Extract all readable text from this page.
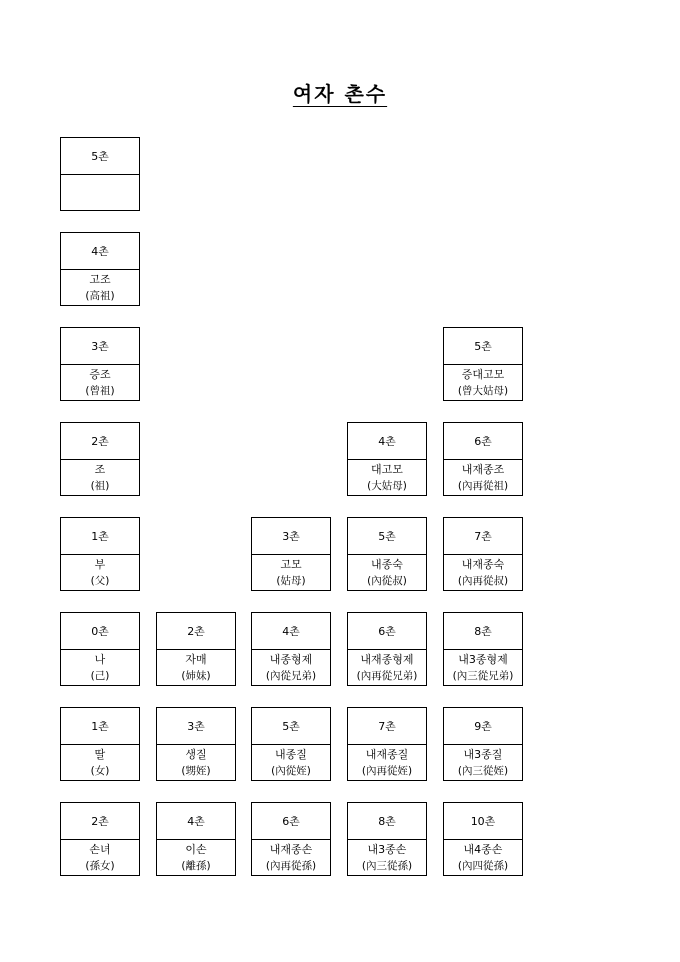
여자 촌수
5촌
4촌
고조
(高祖)
3촌
증조
(曾祖)
5촌
증대고모
(曾大姑母)
2촌
조
(祖)
4촌
대고모
(大姑母)
6촌
내재종조
(內再從祖)
1촌
부
(父)
3촌
고모
(姑母)
5촌
내종숙
(內從叔)
7촌
내재종숙
(內再從叔)
0촌
나
(己)
2촌
자매
(姉妹)
4촌
내종형제
(內從兄弟)
6촌
내재종형제
(內再從兄弟)
8촌
내3종형제
(內三從兄弟)
1촌
딸
(女)
3촌
생질
(甥姪)
5촌
내종질
(內從姪)
7촌
내재종질
(內再從姪)
9촌
내3종질
(內三從姪)
2촌
손녀
(孫女)
4촌
이손
(離孫)
6촌
내재종손
(內再從孫)
8촌
내3종손
(內三從孫)
10촌
내4종손
(內四從孫)
